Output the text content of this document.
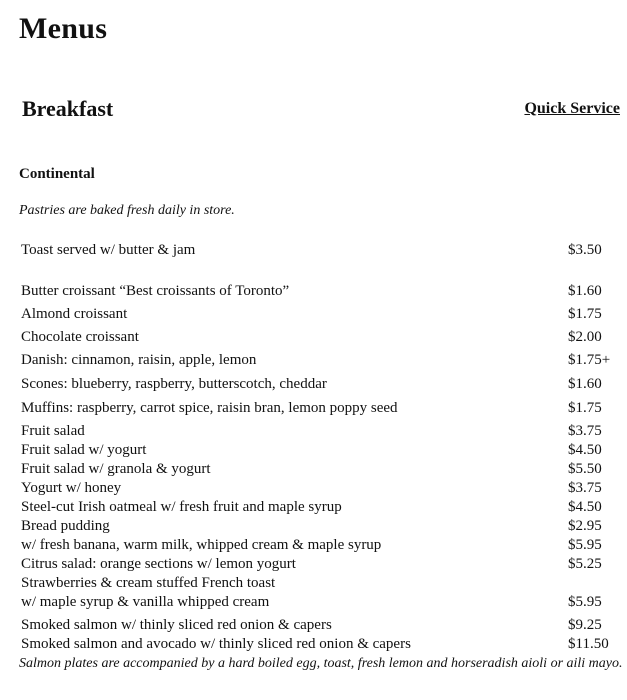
Menus
Breakfast	Quick Service
Continental
Pastries are baked fresh daily in store.
Toast served w/ butter & jam	$3.50
Butter croissant “Best croissants of Toronto”	$1.60
Almond croissant	$1.75
Chocolate croissant	$2.00
Danish: cinnamon, raisin, apple, lemon	$1.75+
Scones: blueberry, raspberry, butterscotch, cheddar	$1.60
Muffins: raspberry, carrot spice, raisin bran, lemon poppy seed	$1.75
Fruit salad	$3.75
Fruit salad w/ yogurt	$4.50
Fruit salad w/ granola & yogurt	$5.50
Yogurt w/ honey	$3.75
Steel-cut Irish oatmeal w/ fresh fruit and maple syrup	$4.50
Bread pudding	$2.95
w/ fresh banana, warm milk, whipped cream & maple syrup	$5.95
Citrus salad: orange sections w/ lemon yogurt	$5.25
Strawberries & cream stuffed French toast
w/ maple syrup & vanilla whipped cream	$5.95
Smoked salmon w/ thinly sliced red onion & capers	$9.25
Smoked salmon and avocado w/ thinly sliced red onion & capers	$11.50
Salmon plates are accompanied by a hard boiled egg, toast, fresh lemon and horseradish aioli or aili mayo.
